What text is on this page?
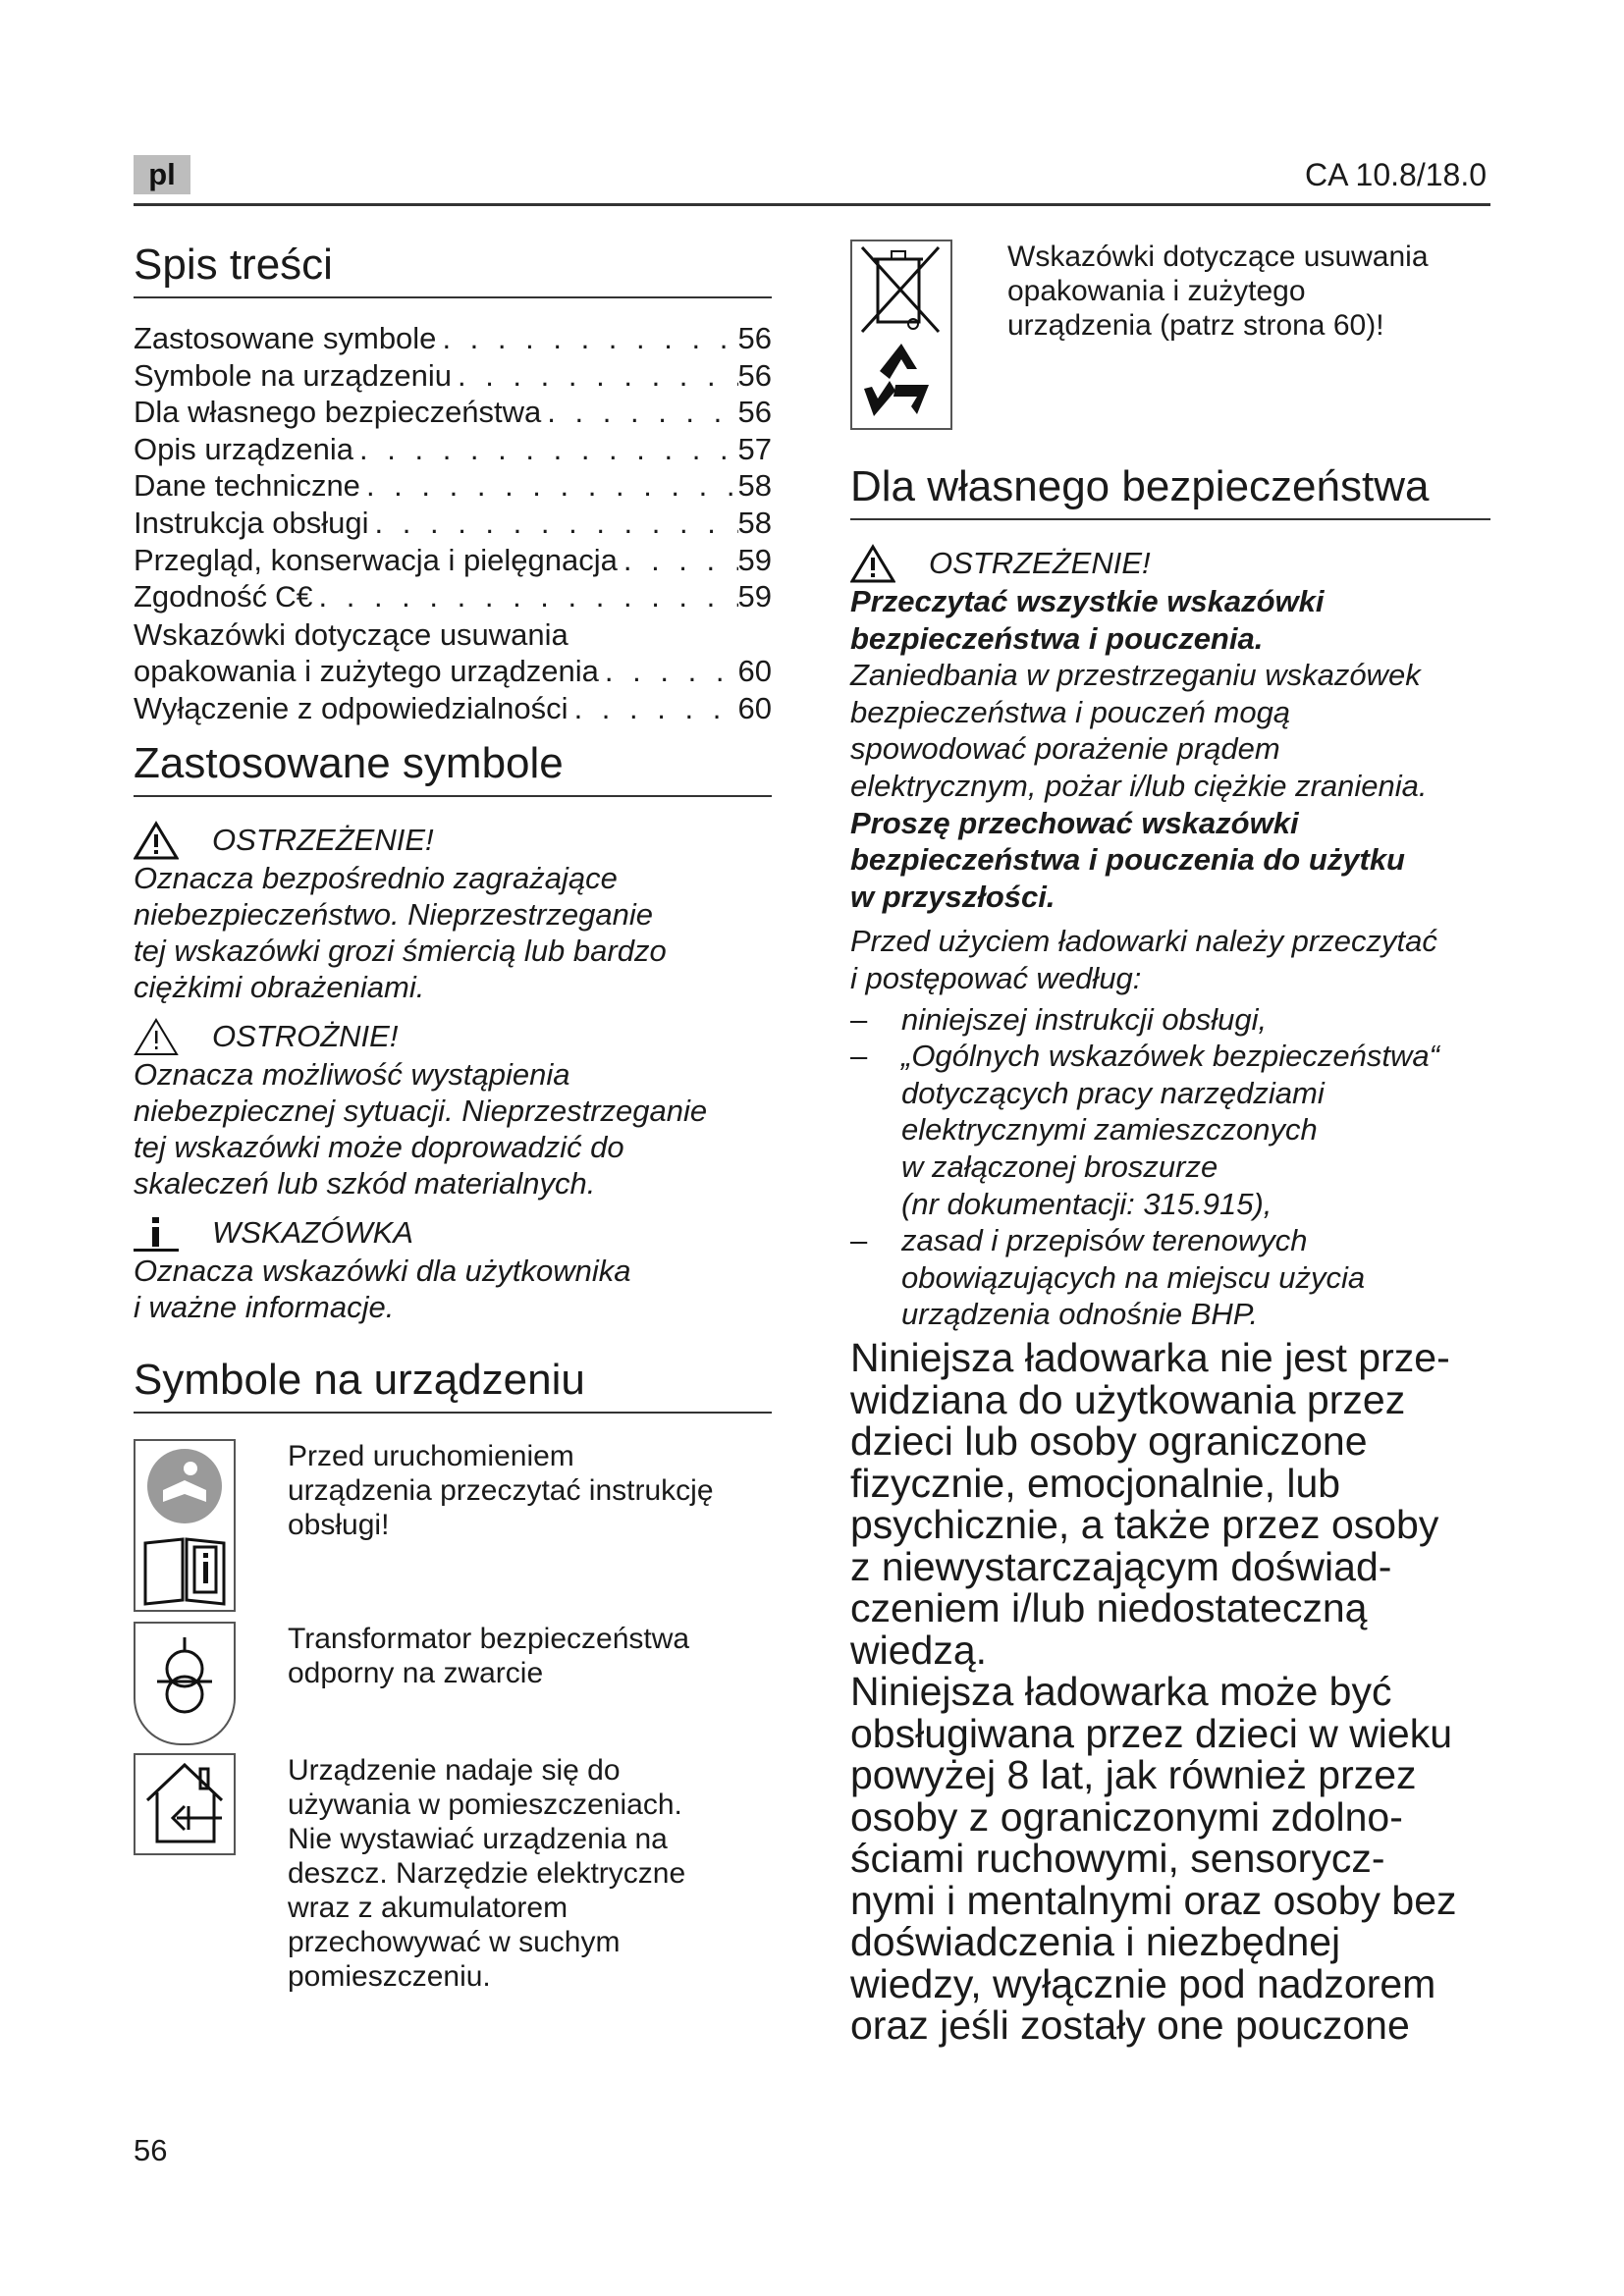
pl	CA 10.8/18.0
Spis treści
Zastosowane symbole . . .	56
Symbole na urządzeniu . . .	56
Dla własnego bezpieczeństwa . . .	56
Opis urządzenia . . .	57
Dane techniczne . . .	58
Instrukcja obsługi . . .	58
Przegląd, konserwacja i pielęgnacja . . .	59
Zgodność C€ . . .	59
Wskazówki dotyczące usuwania
opakowania i zużytego urządzenia . . .	60
Wyłączenie z odpowiedzialności . . .	60
Zastosowane symbole
OSTRZEŻENIE!
Oznacza bezpośrednio zagrażające
niebezpieczeństwo. Nieprzestrzeganie
tej wskazówki grozi śmiercią lub bardzo
ciężkimi obrażeniami.
OSTROŻNIE!
Oznacza możliwość wystąpienia
niebezpiecznej sytuacji. Nieprzestrzeganie
tej wskazówki może doprowadzić do
skaleczeń lub szkód materialnych.
WSKAZÓWKA
Oznacza wskazówki dla użytkownika
i ważne informacje.
Symbole na urządzeniu
Przed uruchomieniem
urządzenia przeczytać instrukcję
obsługi!
Transformator bezpieczeństwa
odporny na zwarcie
Urządzenie nadaje się do
używania w pomieszczeniach.
Nie wystawiać urządzenia na
deszcz. Narzędzie elektryczne
wraz z akumulatorem
przechowywać w suchym
pomieszczeniu.
Wskazówki dotyczące usuwania
opakowania i zużytego
urządzenia (patrz strona 60)!
Dla własnego bezpieczeństwa
OSTRZEŻENIE!
Przeczytać wszystkie wskazówki
bezpieczeństwa i pouczenia.
Zaniedbania w przestrzeganiu wskazówek
bezpieczeństwa i pouczeń mogą
spowodować porażenie prądem
elektrycznym, pożar i/lub ciężkie zranienia.
Proszę przechować wskazówki
bezpieczeństwa i pouczenia do użytku
w przyszłości.
Przed użyciem ładowarki należy przeczytać
i postępować według:
– niniejszej instrukcji obsługi,
– „Ogólnych wskazówek bezpieczeństwa“
dotyczących pracy narzędziami
elektrycznymi zamieszczonych
w załączonej broszurze
(nr dokumentacji: 315.915),
– zasad i przepisów terenowych
obowiązujących na miejscu użycia
urządzenia odnośnie BHP.
Niniejsza ładowarka nie jest prze-
widziana do użytkowania przez
dzieci lub osoby ograniczone
fizycznie, emocjonalnie, lub
psychicznie, a także przez osoby
z niewystarczającym doświad-
czeniem i/lub niedostateczną
wiedzą.
Niniejsza ładowarka może być
obsługiwana przez dzieci w wieku
powyżej 8 lat, jak również przez
osoby z ograniczonymi zdolno-
ściami ruchowymi, sensorycz-
nymi i mentalnymi oraz osoby bez
doświadczenia i niezbędnej
wiedzy, wyłącznie pod nadzorem
oraz jeśli zostały one pouczone
56
